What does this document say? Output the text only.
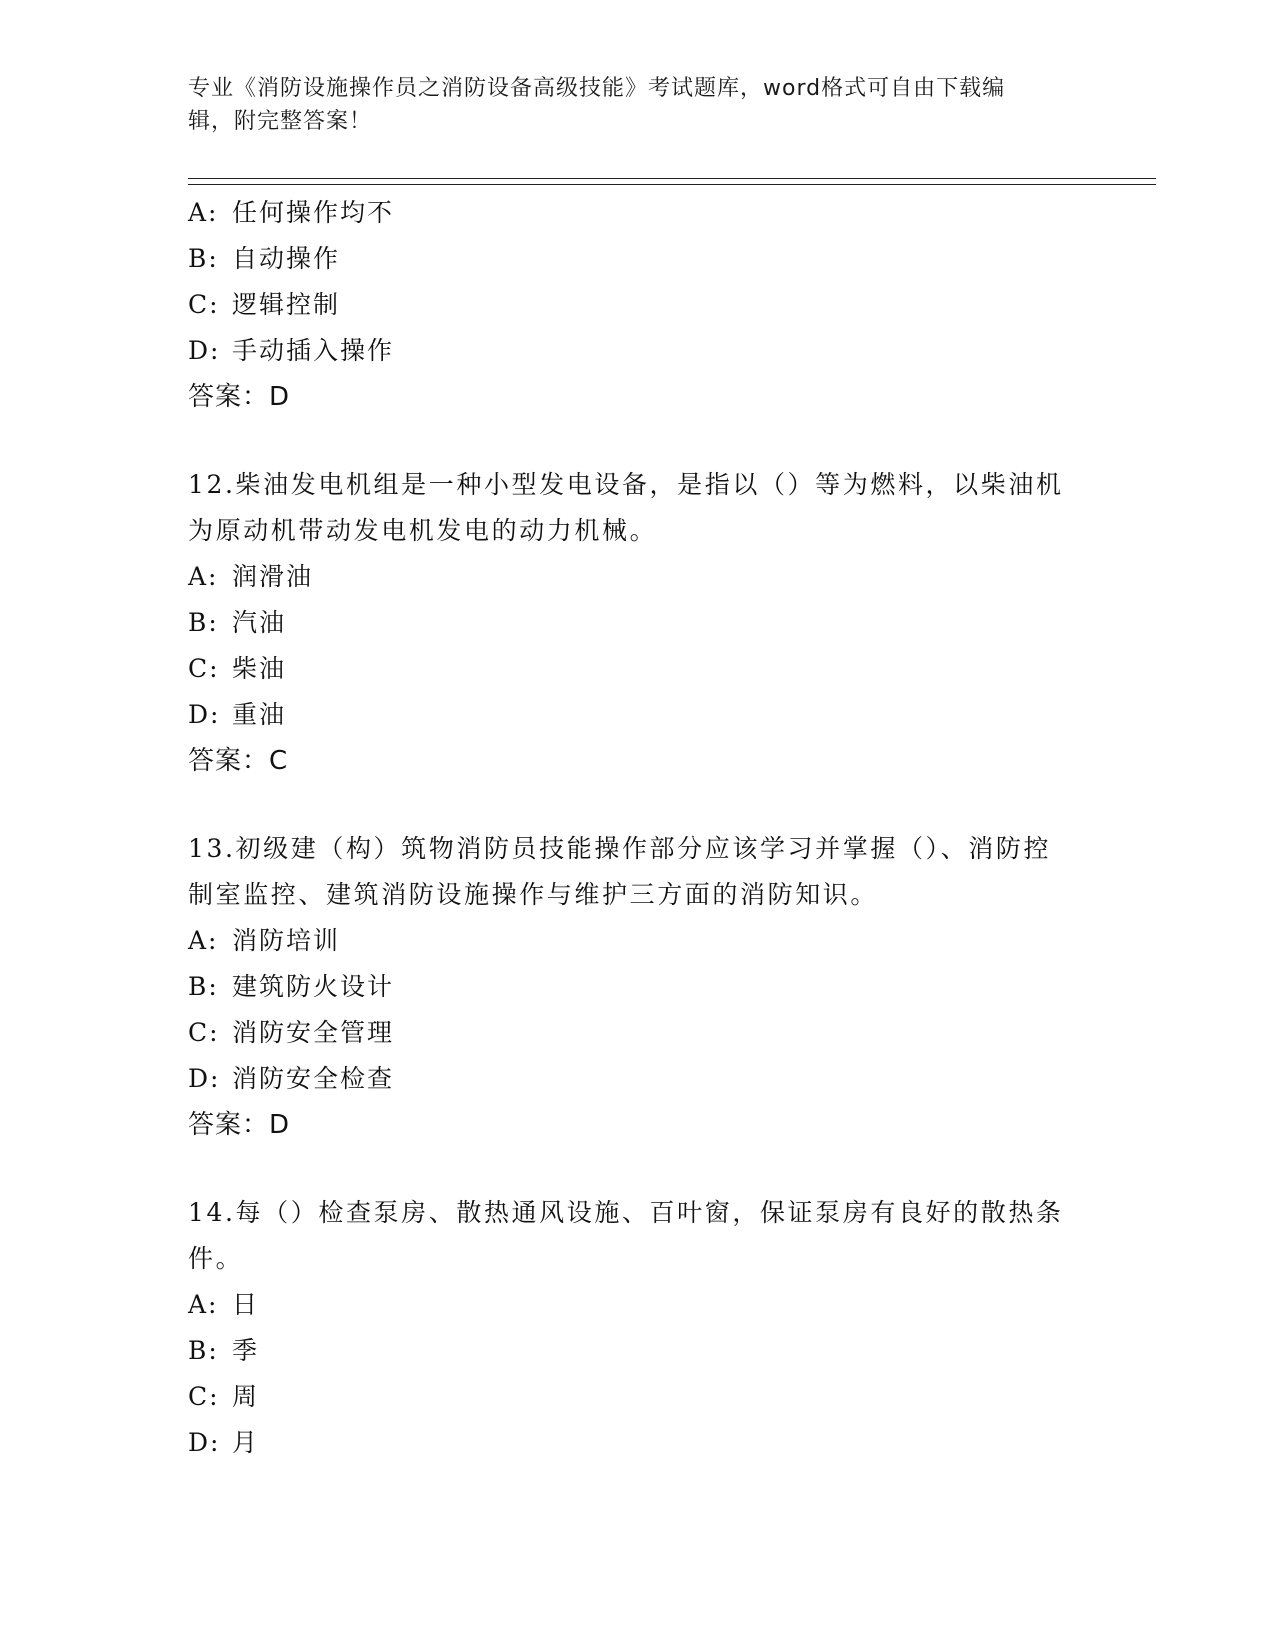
专业《消防设施操作员之消防设备高级技能》考试题库，word格式可自由下载编
辑，附完整答案！
A: 任何操作均不
B: 自动操作
C: 逻辑控制
D: 手动插入操作
答案：D
12.柴油发电机组是一种小型发电设备，是指以（）等为燃料，以柴油机为原动机带动发电机发电的动力机械。
A: 润滑油
B: 汽油
C: 柴油
D: 重油
答案：C
13.初级建（构）筑物消防员技能操作部分应该学习并掌握（）、消防控制室监控、建筑消防设施操作与维护三方面的消防知识。
A: 消防培训
B: 建筑防火设计
C: 消防安全管理
D: 消防安全检查
答案：D
14.每（）检查泵房、散热通风设施、百叶窗，保证泵房有良好的散热条件。
A: 日
B: 季
C: 周
D: 月
